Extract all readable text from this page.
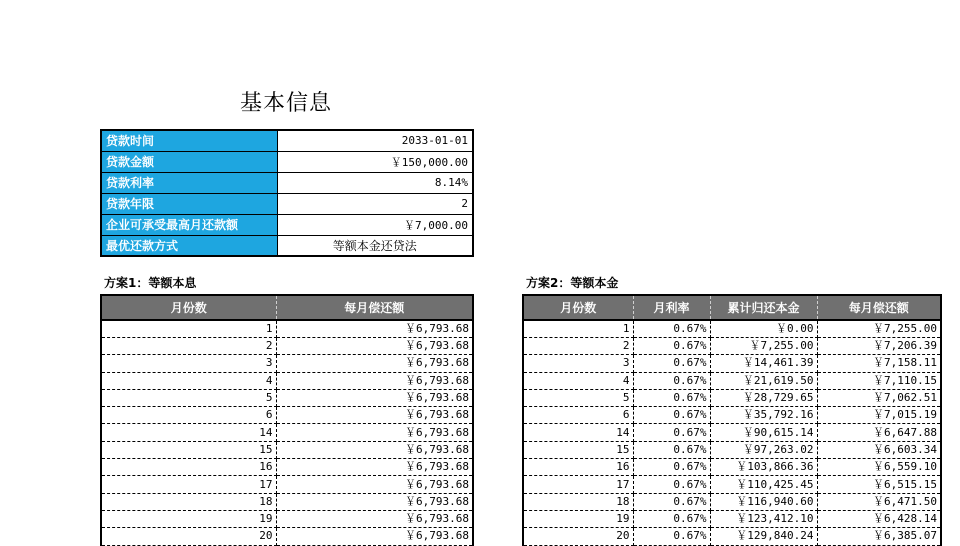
基本信息
贷款时间	2033-01-01
贷款金额	￥150,000.00
贷款利率	8.14%
贷款年限	2
企业可承受最高月还款额	￥7,000.00
最优还款方式	等额本金还贷法
方案1：等额本息
月份数	每月偿还额
1	￥6,793.68
2	￥6,793.68
3	￥6,793.68
4	￥6,793.68
5	￥6,793.68
6	￥6,793.68
14	￥6,793.68
15	￥6,793.68
16	￥6,793.68
17	￥6,793.68
18	￥6,793.68
19	￥6,793.68
20	￥6,793.68
方案2：等额本金
月份数	月利率	累计归还本金	每月偿还额
1	0.67%	￥0.00	￥7,255.00
2	0.67%	￥7,255.00	￥7,206.39
3	0.67%	￥14,461.39	￥7,158.11
4	0.67%	￥21,619.50	￥7,110.15
5	0.67%	￥28,729.65	￥7,062.51
6	0.67%	￥35,792.16	￥7,015.19
14	0.67%	￥90,615.14	￥6,647.88
15	0.67%	￥97,263.02	￥6,603.34
16	0.67%	￥103,866.36	￥6,559.10
17	0.67%	￥110,425.45	￥6,515.15
18	0.67%	￥116,940.60	￥6,471.50
19	0.67%	￥123,412.10	￥6,428.14
20	0.67%	￥129,840.24	￥6,385.07
